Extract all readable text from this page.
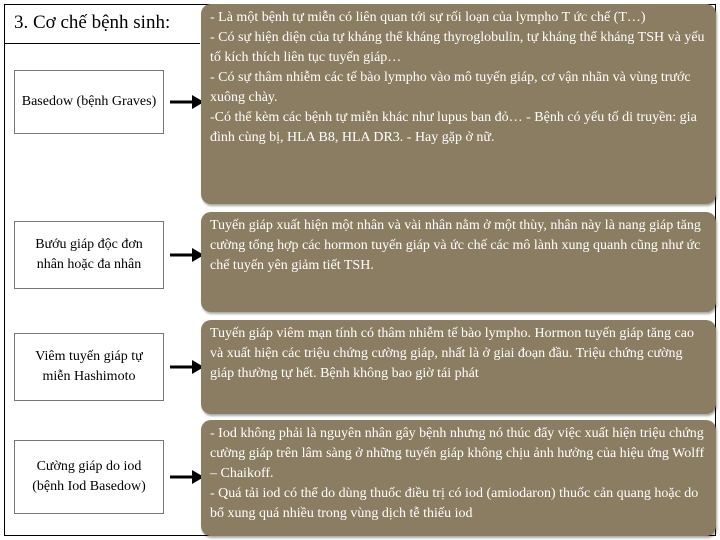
3. Cơ chế bệnh sinh:
Basedow (bệnh Graves)

- Là một bệnh tự miễn có liên quan tới sự rối loạn của lympho T ức chế (T…)

- Có sự hiện diện của tự kháng thể kháng thyroglobulin, tự kháng thể kháng TSH và yếu tố kích thích liên tục tuyến giáp…

- Có sự thâm nhiễm các tế bào lympho vào mô tuyến giáp, cơ vận nhãn và vùng trước xuông chày.

-Có thể kèm các bệnh tự miễn khác như lupus ban đỏ… - Bệnh có yếu tố di truyền: gia đình cùng bị, HLA B8, HLA DR3. - Hay gặp ở nữ.

Bướu giáp độc đơn nhân hoặc đa nhân

Tuyến giáp xuất hiện một nhân và vài nhân nằm ở một thùy, nhân này là nang giáp tăng cường tổng hợp các hormon tuyến giáp và ức chế các mô lành xung quanh cũng như ức chế tuyến yên giảm tiết TSH.

Viêm tuyến giáp tự miễn Hashimoto

Tuyến giáp viêm mạn tính có thâm nhiễm tế bào lympho. Hormon tuyến giáp tăng cao và xuất hiện các triệu chứng cường giáp, nhất là ở giai đoạn đầu. Triệu chứng cường giáp thường tự hết. Bệnh không bao giờ tái phát

Cường giáp do iod (bệnh Iod Basedow)

- Iod không phải là nguyên nhân gây bệnh nhưng nó thúc đẩy việc xuất hiện triệu chứng cường giáp trên lâm sàng ở những tuyến giáp không chịu ảnh hưởng của hiệu ứng Wolff – Chaikoff.

- Quá tải iod có thể do dùng thuốc điều trị có iod (amiodaron) thuốc cản quang hoặc do bổ xung quá nhiều trong vùng dịch tễ thiếu iod
